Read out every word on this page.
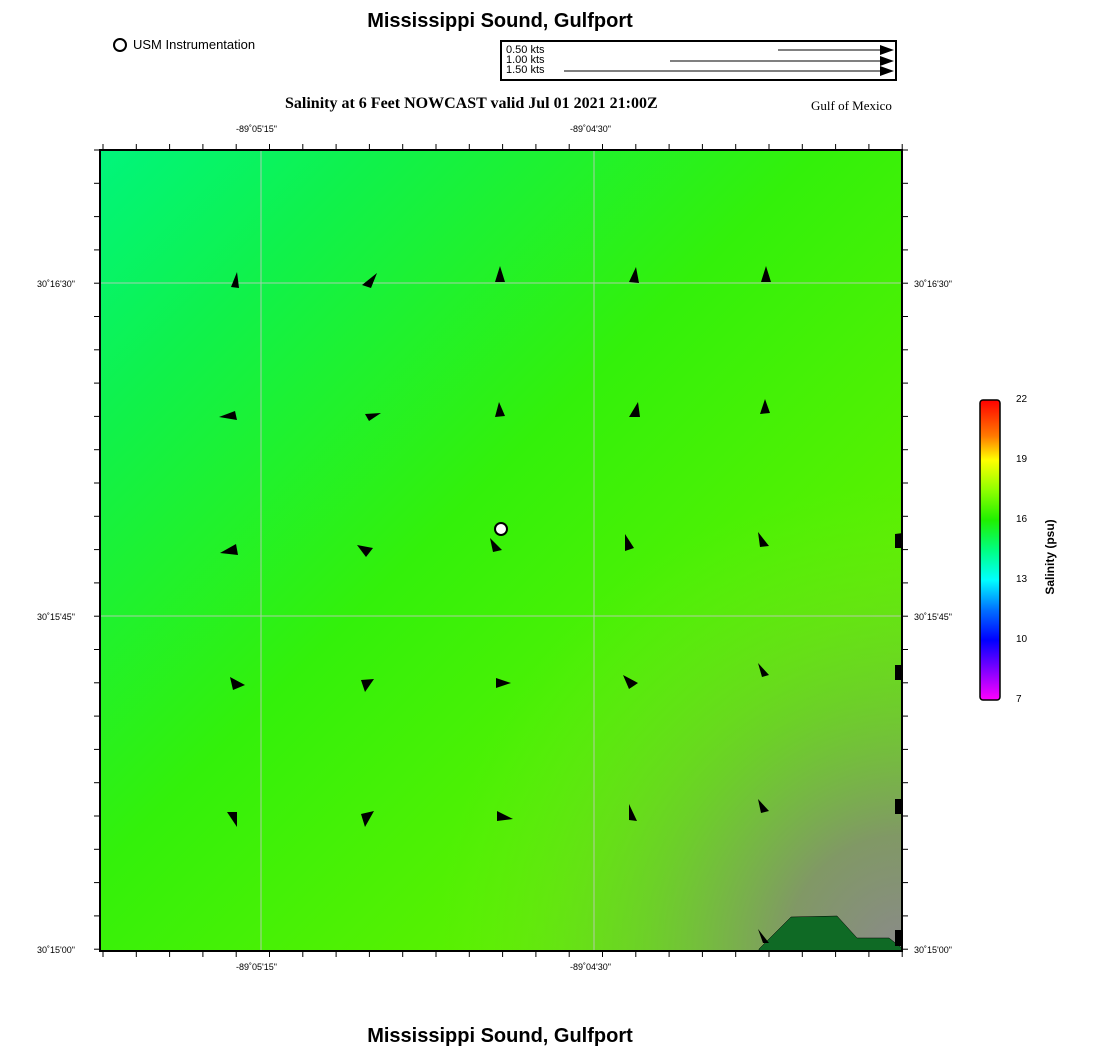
Mississippi Sound, Gulfport
Mississippi Sound, Gulfport
USM Instrumentation	0.50 kts
1.00 kts
1.50 kts
Salinity at 6 Feet NOWCAST valid Jul 01 2021 21:00Z	Gulf of Mexico
-89˚05'15"	-89˚04'30"
-89˚05'15"	-89˚04'30"
30˚16'30"
30˚15'45"
30˚15'00"
30˚16'30"
30˚15'45"
30˚15'00"
22
19
16
13
10
7
Salinity (psu)
